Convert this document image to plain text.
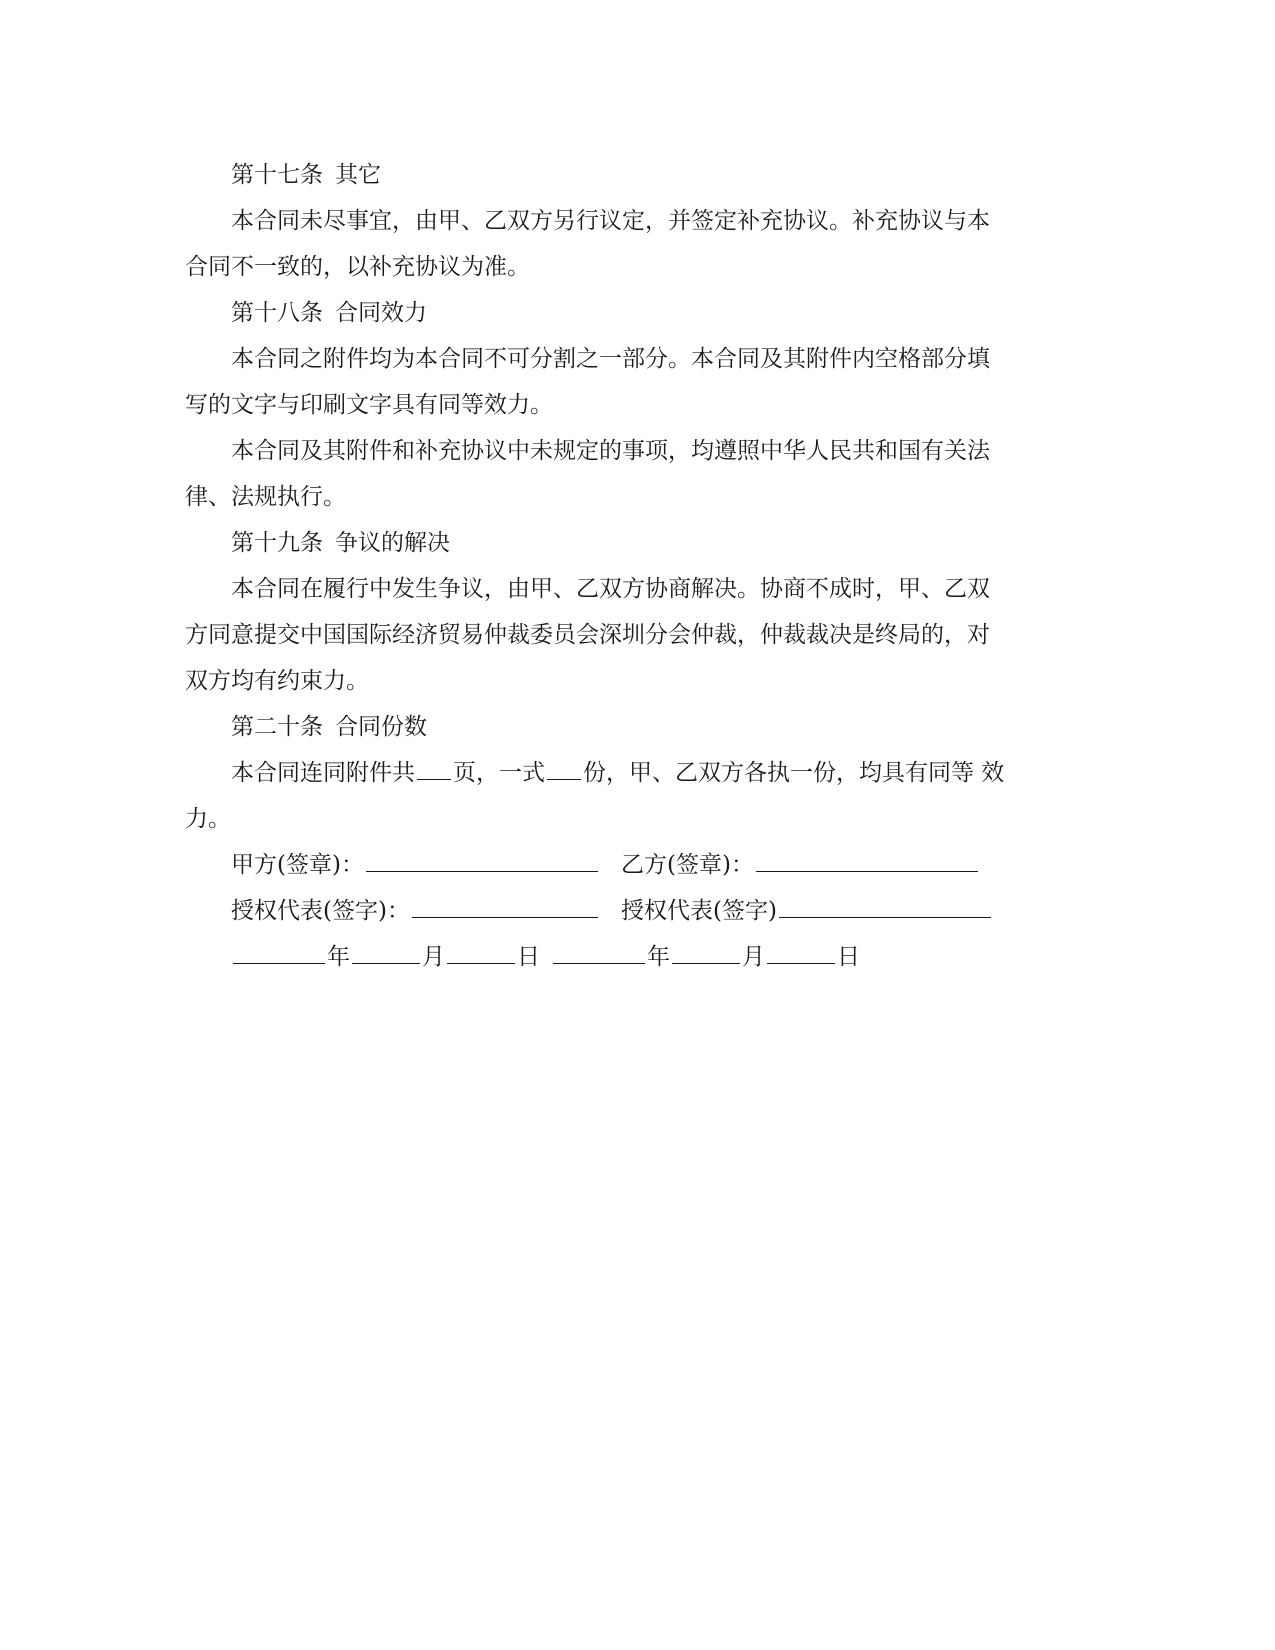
第十七条 其它
本合同未尽事宜，由甲、乙双方另行议定，并签定补充协议。补充协议与本
合同不一致的，以补充协议为准。
第十八条 合同效力
本合同之附件均为本合同不可分割之一部分。本合同及其附件内空格部分填
写的文字与印刷文字具有同等效力。
本合同及其附件和补充协议中未规定的事项，均遵照中华人民共和国有关法
律、法规执行。
第十九条 争议的解决
本合同在履行中发生争议，由甲、乙双方协商解决。协商不成时，甲、乙双
方同意提交中国国际经济贸易仲裁委员会深圳分会仲裁，仲裁裁决是终局的，对
双方均有约束力。
第二十条 合同份数
本合同连同附件共 页，一式 份，甲、乙双方各执一份，均具有同等 效
力。
甲方(签章)：	乙方(签章)：
授权代表(签字)：	授权代表(签字)
年	月	日	年	月	日
